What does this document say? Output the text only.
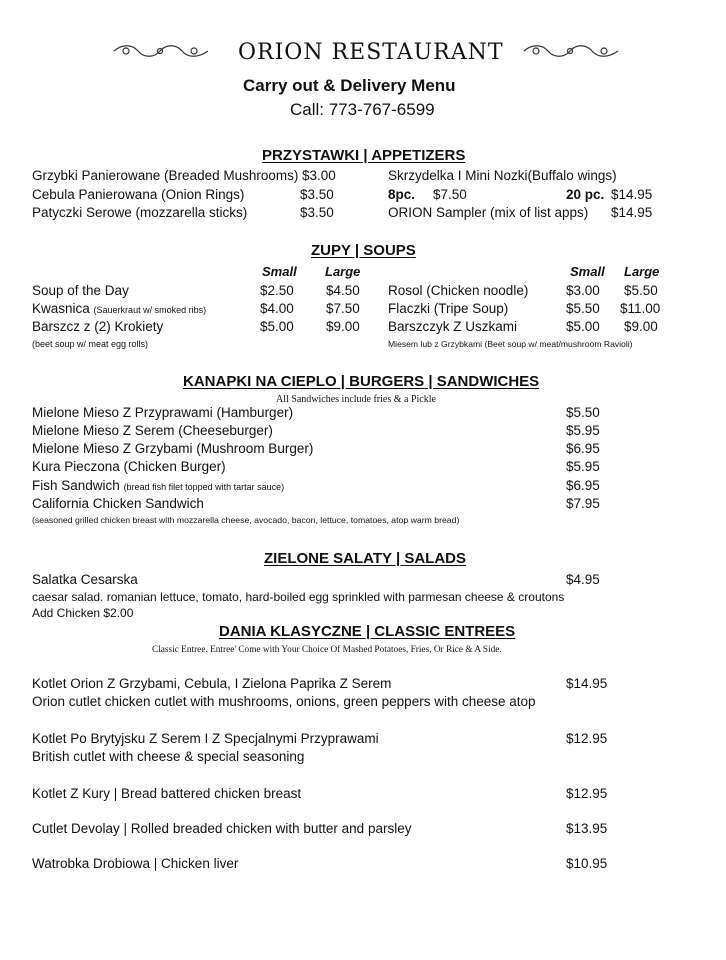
ORION RESTAURANT
Carry out & Delivery Menu
Call: 773-767-6599
PRZYSTAWKI | APPETIZERS
Grzybki Panierowane (Breaded Mushrooms) $3.00
Cebula Panierowana (Onion Rings)	$3.50
Patyczki Serowe (mozzarella sticks)	$3.50
Skrzydelka I Mini Nozki(Buffalo wings)
8pc. $7.50	20 pc. $14.95
ORION Sampler (mix of list apps) $14.95
ZUPY | SOUPS
Small Large	Small Large
Soup of the Day	$2.50 $4.50
Kwasnica (Sauerkraut w/ smoked ribs)	$4.00 $7.50
Barszcz z (2) Krokiety	$5.00 $9.00
(beet soup w/ meat egg rolls)
Rosol (Chicken noodle)	$3.00 $5.50
Flaczki (Tripe Soup)	$5.50 $11.00
Barszczyk Z Uszkami	$5.00 $9.00
Miesem lub z Grzybkami (Beet soup w/ meat/mushroom Ravioli)
KANAPKI NA CIEPLO | BURGERS | SANDWICHES
All Sandwiches include fries & a Pickle
Mielone Mieso Z Przyprawami (Hamburger)	$5.50
Mielone Mieso Z Serem (Cheeseburger)	$5.95
Mielone Mieso Z Grzybami (Mushroom Burger)	$6.95
Kura Pieczona (Chicken Burger)	$5.95
Fish Sandwich (bread fish filet topped with tartar sauce)	$6.95
California Chicken Sandwich	$7.95
(seasoned grilled chicken breast with mozzarella cheese, avocado, bacon, lettuce, tomatoes, atop warm bread)
ZIELONE SALATY | SALADS
Salatka Cesarska	$4.95
caesar salad. romanian lettuce, tomato, hard-boiled egg sprinkled with parmesan cheese & croutons
Add Chicken $2.00
DANIA KLASYCZNE | CLASSIC ENTREES
Classic Entree. Entree' Come with Your Choice Of Mashed Potatoes, Fries, Or Rice & A Side.
Kotlet Orion Z Grzybami, Cebula, I Zielona Paprika Z Serem	$14.95
Orion cutlet chicken cutlet with mushrooms, onions, green peppers with cheese atop
Kotlet Po Brytyjsku Z Serem I Z Specjalnymi Przyprawami	$12.95
British cutlet with cheese & special seasoning
Kotlet Z Kury | Bread battered chicken breast	$12.95
Cutlet Devolay | Rolled breaded chicken with butter and parsley	$13.95
Watrobka Drobiowa | Chicken liver	$10.95
